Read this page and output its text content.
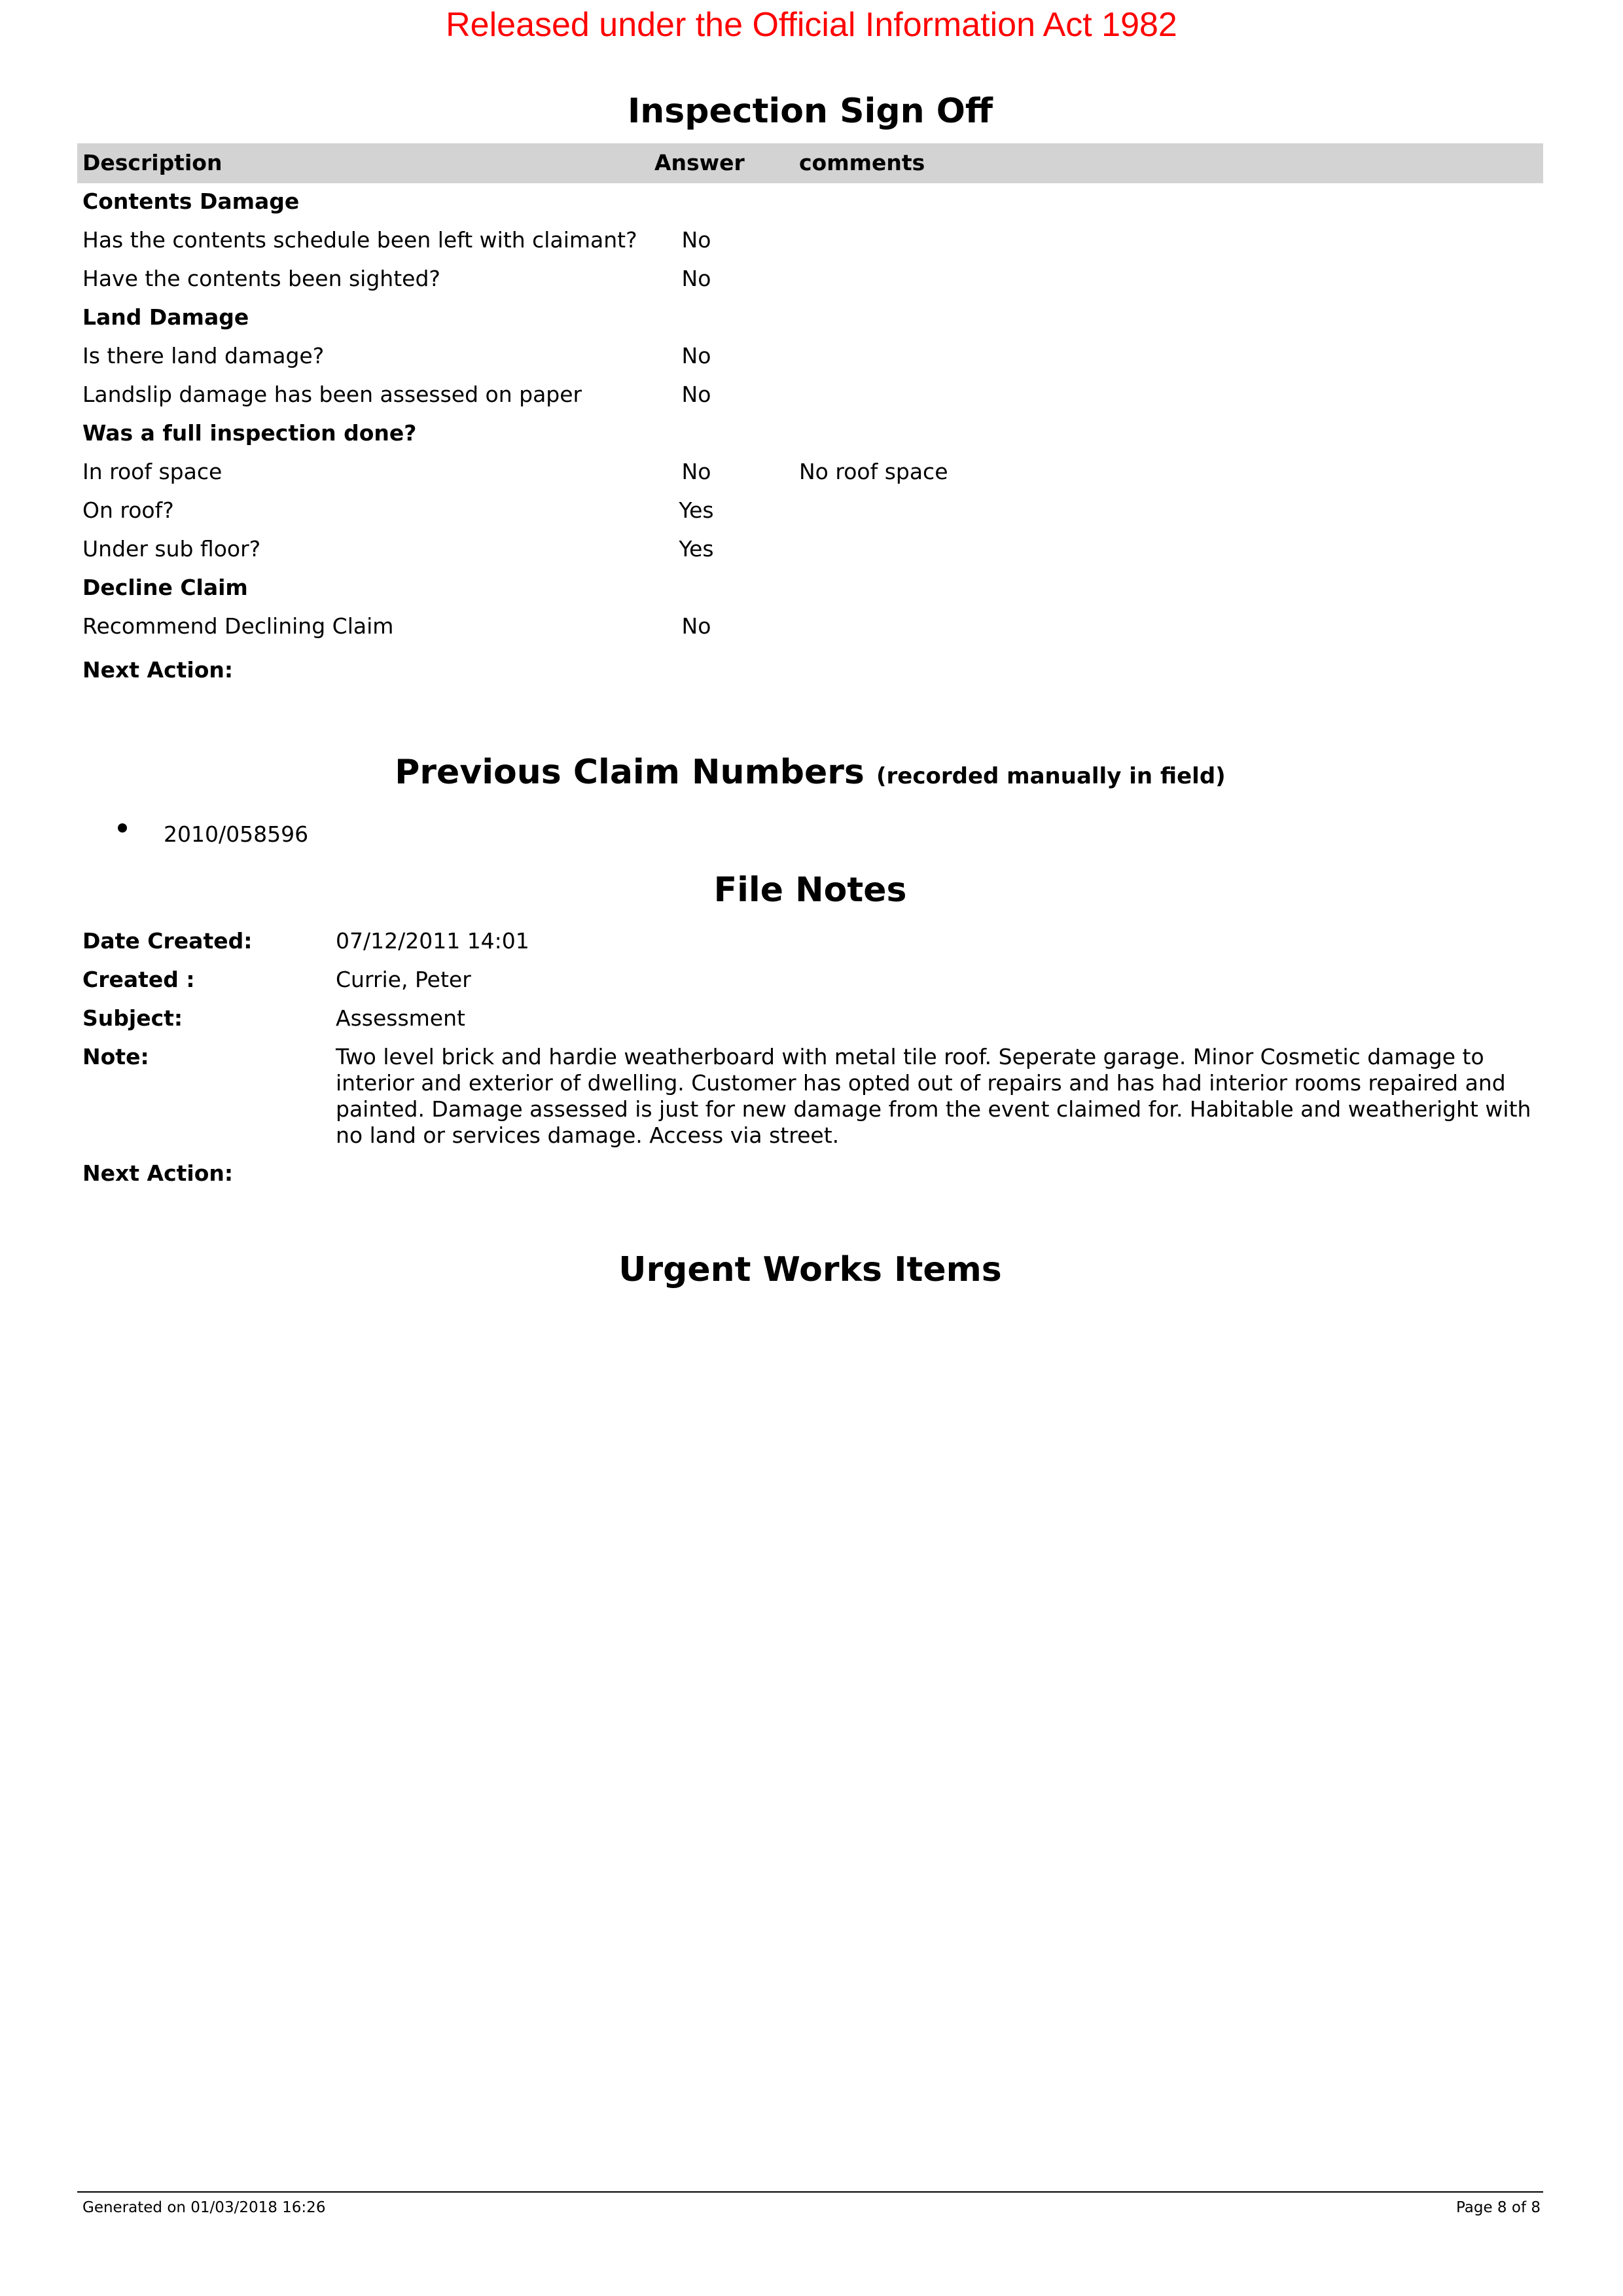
Released under the Official Information Act 1982
Inspection Sign Off
Description	Answer	comments
Contents Damage
Has the contents schedule been left with claimant?	No
Have the contents been sighted?	No
Land Damage
Is there land damage?	No
Landslip damage has been assessed on paper	No
Was a full inspection done?
In roof space	No	No roof space
On roof?	Yes
Under sub floor?	Yes
Decline Claim
Recommend Declining Claim	No
Next Action:
Previous Claim Numbers (recorded manually in field)
2010/058596
File Notes
Date Created:	07/12/2011 14:01
Created :	Currie, Peter
Subject:	Assessment
Note:	Two level brick and hardie weatherboard with metal tile roof. Seperate garage. Minor Cosmetic damage to interior and exterior of dwelling. Customer has opted out of repairs and has had interior rooms repaired and painted. Damage assessed is just for new damage from the event claimed for. Habitable and weatheright with no land or services damage. Access via street.
Next Action:
Urgent Works Items
Generated on 01/03/2018 16:26	Page 8 of 8
